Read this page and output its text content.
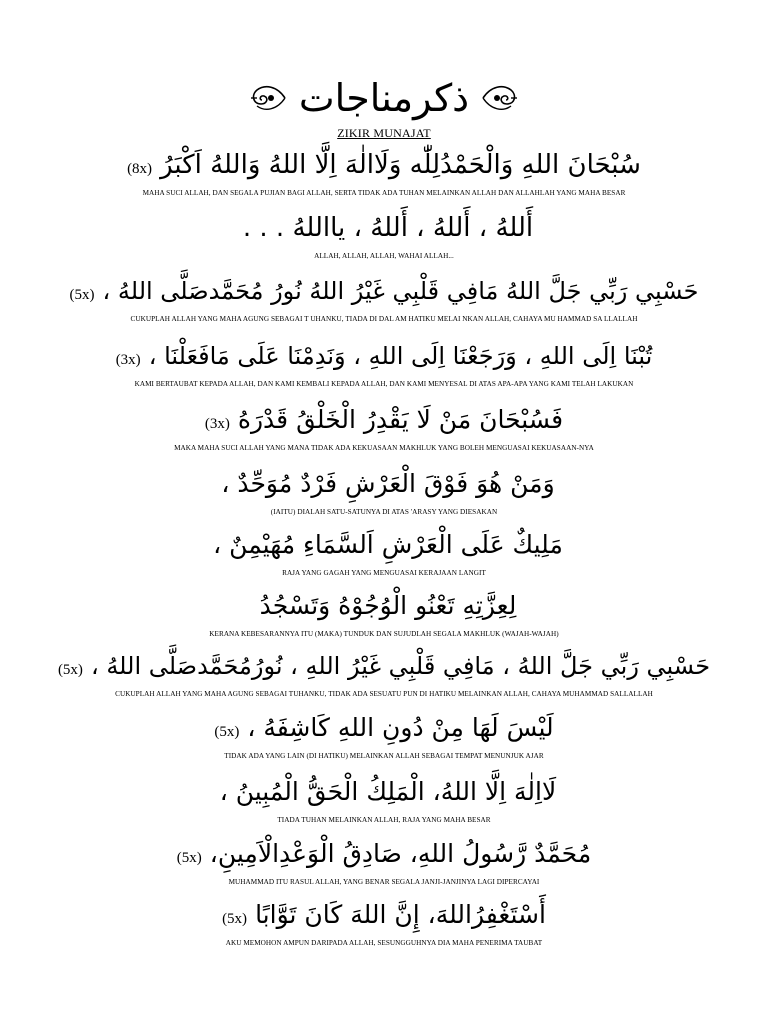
ذكرمناجات
ZIKIR MUNAJAT
(8x) سُبْحَانَ اللهِ وَالْحَمْدُلِلّٰه وَلَاالٰهَ اِلَّا اللهُ وَاللهُ اَكْبَرُ
MAHA SUCI ALLAH, DAN SEGALA PUJIAN BAGI ALLAH, SERTA TIDAK ADA TUHAN MELAINKAN ALLAH DAN ALLAHLAH YANG MAHA BESAR
أَللهُ ، أَللهُ ، أَللهُ ، يااللهُ . . .
ALLAH, ALLAH, ALLAH, WAHAI ALLAH...
(5x) حَسْبِي رَبِّي جَلَّ اللهُ مَافِي قَلْبِي غَيْرُ اللهُ نُورُ مُحَمَّدصَلَّى اللهُ ،
CUKUPLAH ALLAH YANG MAHA AGUNG SEBAGAI T UHANKU, TIADA DI DAL AM HATIKU MELAI NKAN ALLAH, CAHAYA MU HAMMAD SA LLALLAH
(3x) تُبْنَا اِلَى اللهِ ، وَرَجَعْنَا اِلَى اللهِ ، وَنَدِمْنَا عَلَى مَافَعَلْنَا ،
KAMI BERTAUBAT KEPADA ALLAH, DAN KAMI KEMBALI KEPADA ALLAH, DAN KAMI MENYESAL DI ATAS APA-APA YANG KAMI TELAH LAKUKAN
(3x) فَسُبْحَانَ مَنْ لَا يَقْدِرُ الْخَلْقُ قَدْرَهُ
MAKA MAHA SUCI ALLAH YANG MANA TIDAK ADA KEKUASAAN MAKHLUK YANG BOLEH MENGUASAI KEKUASAAN-NYA
وَمَنْ هُوَ فَوْقَ الْعَرْشِ فَرْدٌ مُوَحِّدٌ ،
(IAITU) DIALAH SATU-SATUNYA DI ATAS 'ARASY YANG DIESAKAN
مَلِيكٌ عَلَى الْعَرْشِ اَلسَّمَاءِ مُهَيْمِنٌ ،
RAJA YANG GAGAH YANG MENGUASAI KERAJAAN LANGIT
لِعِزَّتِهِ تَعْنُو الْوُجُوْهُ وَتَسْجُدُ
KERANA KEBESARANNYA ITU (MAKA) TUNDUK DAN SUJUDLAH SEGALA MAKHLUK (WAJAH-WAJAH)
(5x) حَسْبِي رَبِّي جَلَّ اللهُ ، مَافِي قَلْبِي غَيْرُ اللهِ ، نُورُمُحَمَّدصَلَّى اللهُ ،
CUKUPLAH ALLAH YANG MAHA AGUNG SEBAGAI TUHANKU, TIDAK ADA SESUATU PUN DI HATIKU MELAINKAN ALLAH, CAHAYA MUHAMMAD SALLALLAH
(5x) لَيْسَ لَهَا مِنْ دُونِ اللهِ كَاشِفَهُ ،
TIDAK ADA YANG LAIN (DI HATIKU) MELAINKAN ALLAH SEBAGAI TEMPAT MENUNJUK AJAR
لَااِلٰهَ اِلَّا اللهُ، الْمَلِكُ الْحَقُّ الْمُبِينُ ،
TIADA TUHAN MELAINKAN ALLAH, RAJA YANG MAHA BESAR
(5x) مُحَمَّدٌ رَّسُولُ اللهِ، صَادِقُ الْوَعْدِالْاَمِينِ،
MUHAMMAD ITU RASUL ALLAH, YANG BENAR SEGALA JANJI-JANJINYA LAGI DIPERCAYAI
(5x) أَسْتَغْفِرُاللهَ، إِنَّ اللهَ كَانَ تَوَّابًا
AKU MEMOHON AMPUN DARIPADA ALLAH, SESUNGGUHNYA DIA MAHA PENERIMA TAUBAT
